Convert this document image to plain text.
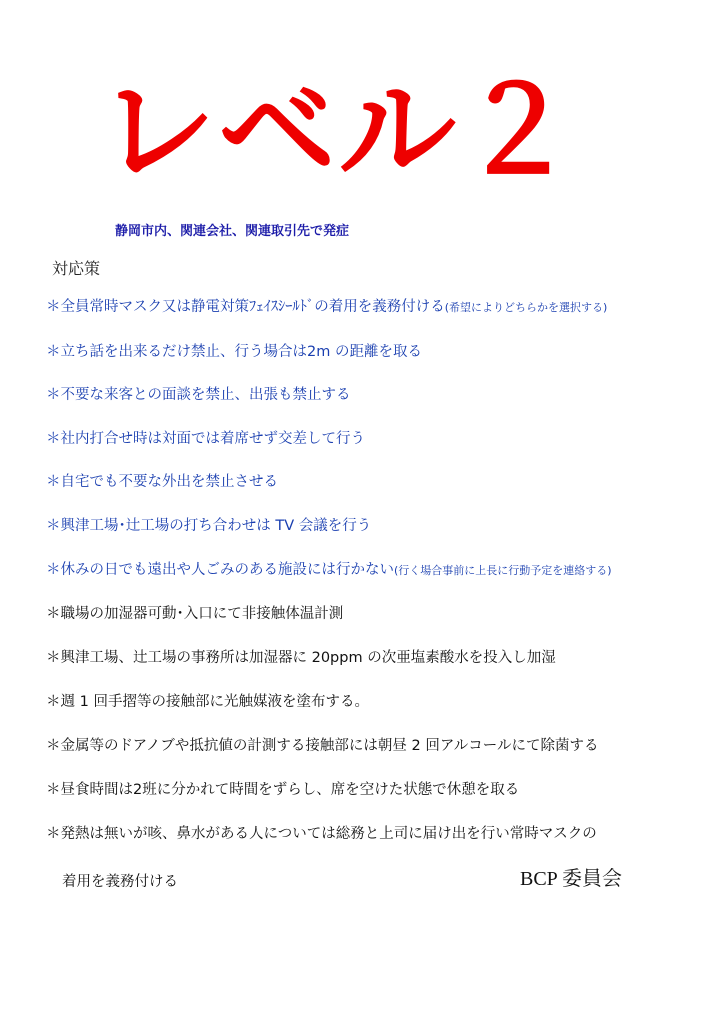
レベル２
静岡市内、関連会社、関連取引先で発症
対応策
＊全員常時マスク又は静電対策ﾌｪｲｽｼｰﾙﾄﾞの着用を義務付ける(希望によりどちらかを選択する)
＊立ち話を出来るだけ禁止、行う場合は2m の距離を取る
＊不要な来客との面談を禁止、出張も禁止する
＊社内打合せ時は対面では着席せず交差して行う
＊自宅でも不要な外出を禁止させる
＊興津工場･辻工場の打ち合わせは TV 会議を行う
＊休みの日でも遠出や人ごみのある施設には行かない(行く場合事前に上長に行動予定を連絡する)
＊職場の加湿器可動･入口にて非接触体温計測
＊興津工場、辻工場の事務所は加湿器に 20ppm の次亜塩素酸水を投入し加湿
＊週 1 回手摺等の接触部に光触媒液を塗布する。
＊金属等のドアノブや抵抗値の計測する接触部には朝昼 2 回アルコールにて除菌する
＊昼食時間は2班に分かれて時間をずらし、席を空けた状態で休憩を取る
＊発熱は無いが咳、鼻水がある人については総務と上司に届け出を行い常時マスクの
着用を義務付ける	BCP 委員会
